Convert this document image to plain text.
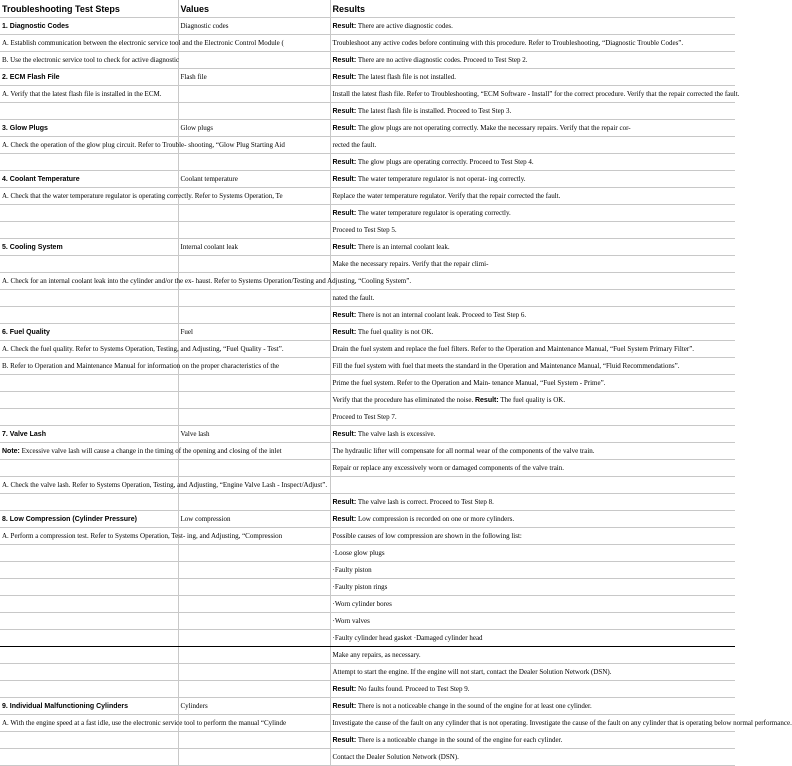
Troubleshooting Test Steps	Values	Results
1. Diagnostic Codes	Diagnostic codes	Result: There are active diagnostic codes.
A. Establish communication between the electronic service tool and the Electronic Control Module (		Troubleshoot any active codes before continuing with this procedure. Refer to Troubleshooting, “Diagnostic Trouble Codes”.
B. Use the electronic service tool to check for active diagnostic		Result: There are no active diagnostic codes. Proceed to Test Step 2.
2. ECM Flash File	Flash file	Result: The latest flash file is not installed.
A. Verify that the latest flash file is installed in the ECM.		Install the latest flash file. Refer to Troubleshooting, “ECM Software - Install” for the correct procedure. Verify that the repair corrected the fault.
		Result: The latest flash file is installed. Proceed to Test Step 3.
3. Glow Plugs	Glow plugs	Result: The glow plugs are not operating correctly. Make the necessary repairs. Verify that the repair cor-
A. Check the operation of the glow plug circuit. Refer to Trouble- shooting, “Glow Plug Starting Aid		rected the fault.
		Result: The glow plugs are operating correctly. Proceed to Test Step 4.
4. Coolant Temperature	Coolant temperature	Result: The water temperature regulator is not operat- ing correctly.
A. Check that the water temperature regulator is operating correctly. Refer to Systems Operation, Te		Replace the water temperature regulator. Verify that the repair corrected the fault.
		Result: The water temperature regulator is operating correctly.
		Proceed to Test Step 5.
5. Cooling System	Internal coolant leak	Result: There is an internal coolant leak.
		Make the necessary repairs. Verify that the repair climi-
A. Check for an internal coolant leak into the cylinder and/or the ex- haust. Refer to Systems Operation/Testing and Adjusting, “Cooling System”.		
		nated the fault.
		Result: There is not an internal coolant leak. Proceed to Test Step 6.
6. Fuel Quality	Fuel	Result: The fuel quality is not OK.
A. Check the fuel quality. Refer to Systems Operation, Testing, and Adjusting, “Fuel Quality - Test”.		Drain the fuel system and replace the fuel filters. Refer to the Operation and Maintenance Manual, “Fuel System Primary Filter”.
B. Refer to Operation and Maintenance Manual for information on the proper characteristics of the		Fill the fuel system with fuel that meets the standard in the Operation and Maintenance Manual, “Fluid Recommendations”.
		Prime the fuel system. Refer to the Operation and Main- tenance Manual, “Fuel System - Prime”.
		Verify that the procedure has eliminated the noise. Result: The fuel quality is OK.
		Proceed to Test Step 7.
7. Valve Lash	Valve lash	Result: The valve lash is excessive.
Note: Excessive valve lash will cause a change in the timing of the opening and closing of the inlet		The hydraulic lifter will compensate for all normal wear of the components of the valve train.
		Repair or replace any excessively worn or damaged components of the valve train.
A. Check the valve lash. Refer to Systems Operation, Testing, and Adjusting, “Engine Valve Lash - Inspect/Adjust”.		
		Result: The valve lash is correct. Proceed to Test Step 8.
8. Low Compression (Cylinder Pressure)	Low compression	Result: Low compression is recorded on one or more cylinders.
A. Perform a compression test. Refer to Systems Operation, Test- ing, and Adjusting, “Compression		Possible causes of low compression are shown in the following list:
		·Loose glow plugs
		·Faulty piston
		·Faulty piston rings
		·Worn cylinder bores
		·Worn valves
		·Faulty cylinder head gasket ·Damaged cylinder head
		Make any repairs, as necessary.
		Attempt to start the engine. If the engine will not start, contact the Dealer Solution Network (DSN).
		Result: No faults found. Proceed to Test Step 9.
9. Individual Malfunctioning Cylinders	Cylinders	Result: There is not a noticeable change in the sound of the engine for at least one cylinder.
A. With the engine speed at a fast idle, use the electronic service tool to perform the manual “Cylinde		Investigate the cause of the fault on any cylinder that is not operating. Investigate the cause of the fault on any cylinder that is operating below normal performance.
		Result: There is a noticeable change in the sound of the engine for each cylinder.
		Contact the Dealer Solution Network (DSN).
